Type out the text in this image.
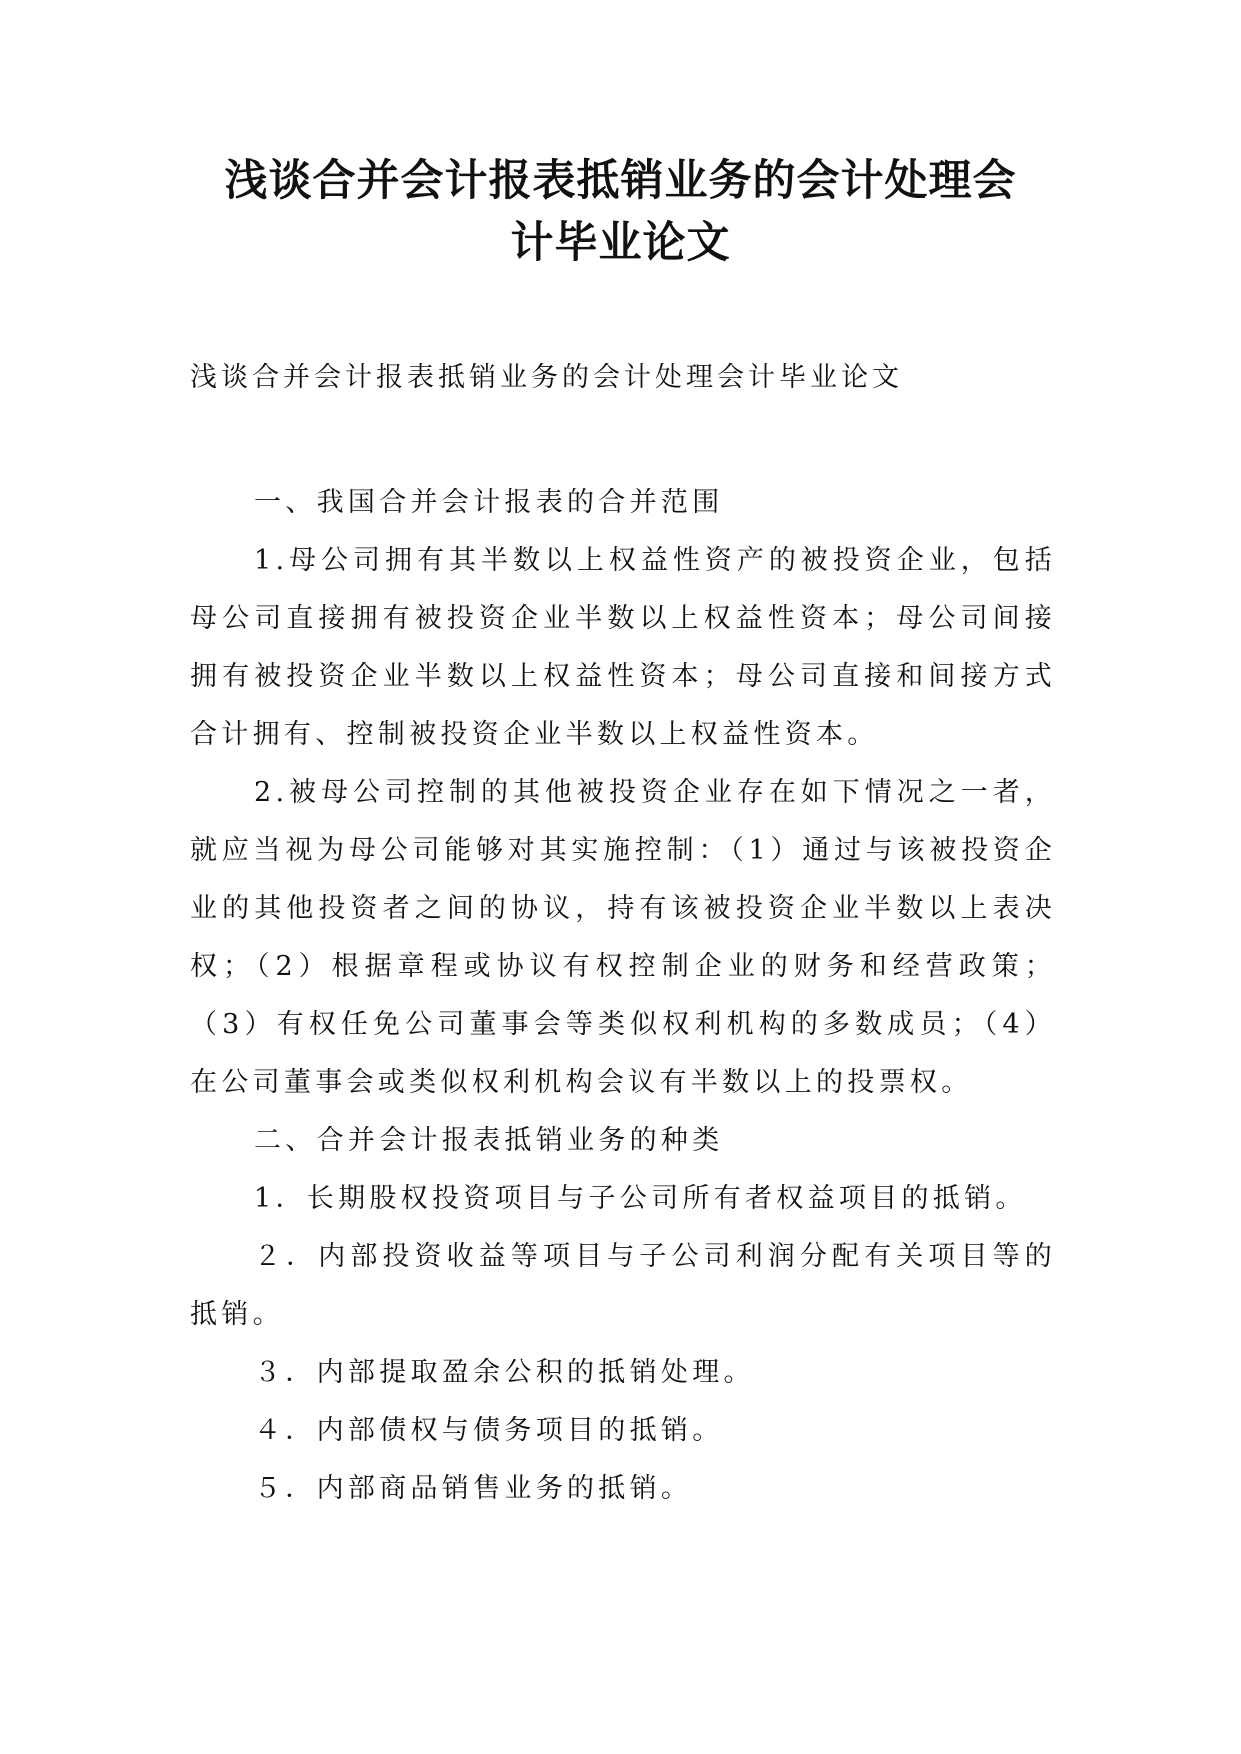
浅谈合并会计报表抵销业务的会计处理会
计毕业论文

浅谈合并会计报表抵销业务的会计处理会计毕业论文

一、我国合并会计报表的合并范围

1.母公司拥有其半数以上权益性资产的被投资企业，包括母公司直接拥有被投资企业半数以上权益性资本；母公司间接拥有被投资企业半数以上权益性资本；母公司直接和间接方式合计拥有、控制被投资企业半数以上权益性资本。

2.被母公司控制的其他被投资企业存在如下情况之一者，就应当视为母公司能够对其实施控制：（1）通过与该被投资企业的其他投资者之间的协议，持有该被投资企业半数以上表决权；（2）根据章程或协议有权控制企业的财务和经营政策；（3）有权任免公司董事会等类似权利机构的多数成员；（4）在公司董事会或类似权利机构会议有半数以上的投票权。

二、合并会计报表抵销业务的种类

1．长期股权投资项目与子公司所有者权益项目的抵销。

２．内部投资收益等项目与子公司利润分配有关项目等的抵销。

３．内部提取盈余公积的抵销处理。

４．内部债权与债务项目的抵销。

５．内部商品销售业务的抵销。
